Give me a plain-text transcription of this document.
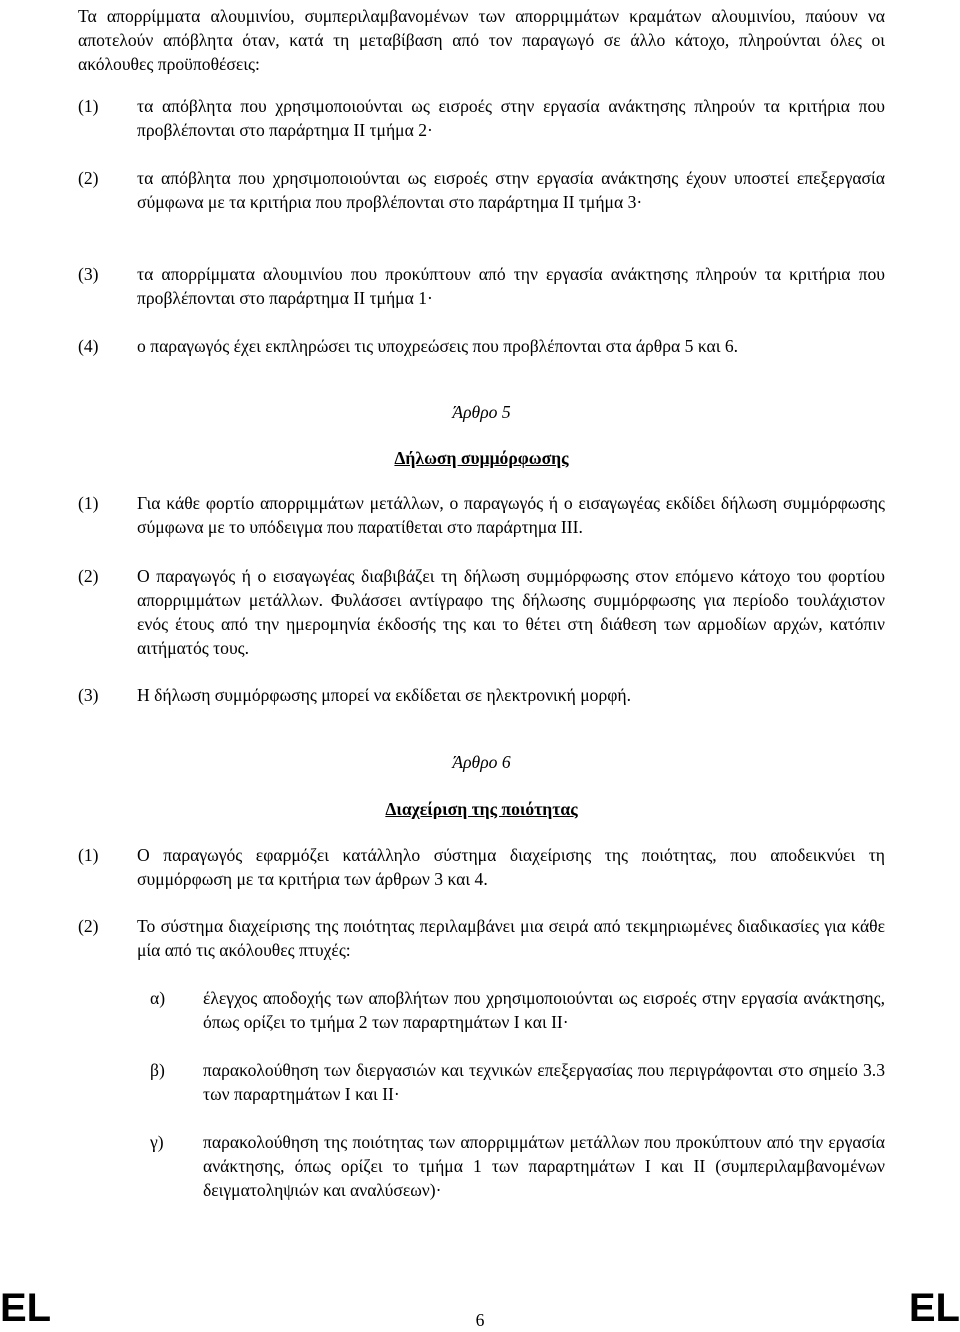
Τα απορρίμματα αλουμινίου, συμπεριλαμβανομένων των απορριμμάτων κραμάτων αλουμινίου, παύουν να αποτελούν απόβλητα όταν, κατά τη μεταβίβαση από τον παραγωγό σε άλλο κάτοχο, πληρούνται όλες οι ακόλουθες προϋποθέσεις:

(1) τα απόβλητα που χρησιμοποιούνται ως εισροές στην εργασία ανάκτησης πληρούν τα κριτήρια που προβλέπονται στο παράρτημα ΙΙ τμήμα 2·

(2) τα απόβλητα που χρησιμοποιούνται ως εισροές στην εργασία ανάκτησης έχουν υποστεί επεξεργασία σύμφωνα με τα κριτήρια που προβλέπονται στο παράρτημα ΙΙ τμήμα 3·

(3) τα απορρίμματα αλουμινίου που προκύπτουν από την εργασία ανάκτησης πληρούν τα κριτήρια που προβλέπονται στο παράρτημα ΙΙ τμήμα 1·

(4) ο παραγωγός έχει εκπληρώσει τις υποχρεώσεις που προβλέπονται στα άρθρα 5 και 6.

Άρθρο 5
Δήλωση συμμόρφωσης
(1) Για κάθε φορτίο απορριμμάτων μετάλλων, ο παραγωγός ή ο εισαγωγέας εκδίδει δήλωση συμμόρφωσης σύμφωνα με το υπόδειγμα που παρατίθεται στο παράρτημα ΙΙΙ.

(2) Ο παραγωγός ή ο εισαγωγέας διαβιβάζει τη δήλωση συμμόρφωσης στον επόμενο κάτοχο του φορτίου απορριμμάτων μετάλλων. Φυλάσσει αντίγραφο της δήλωσης συμμόρφωσης για περίοδο τουλάχιστον ενός έτους από την ημερομηνία έκδοσής της και το θέτει στη διάθεση των αρμοδίων αρχών, κατόπιν αιτήματός τους.

(3) Η δήλωση συμμόρφωσης μπορεί να εκδίδεται σε ηλεκτρονική μορφή.

Άρθρο 6
Διαχείριση της ποιότητας
(1) Ο παραγωγός εφαρμόζει κατάλληλο σύστημα διαχείρισης της ποιότητας, που αποδεικνύει τη συμμόρφωση με τα κριτήρια των άρθρων 3 και 4.

(2) Το σύστημα διαχείρισης της ποιότητας περιλαμβάνει μια σειρά από τεκμηριωμένες διαδικασίες για κάθε μία από τις ακόλουθες πτυχές:

α) έλεγχος αποδοχής των αποβλήτων που χρησιμοποιούνται ως εισροές στην εργασία ανάκτησης, όπως ορίζει το τμήμα 2 των παραρτημάτων Ι και ΙΙ·

β) παρακολούθηση των διεργασιών και τεχνικών επεξεργασίας που περιγράφονται στο σημείο 3.3 των παραρτημάτων Ι και ΙΙ·

γ) παρακολούθηση της ποιότητας των απορριμμάτων μετάλλων που προκύπτουν από την εργασία ανάκτησης, όπως ορίζει το τμήμα 1 των παραρτημάτων Ι και ΙΙ (συμπεριλαμβανομένων δειγματοληψιών και αναλύσεων)·

EL	6	EL
